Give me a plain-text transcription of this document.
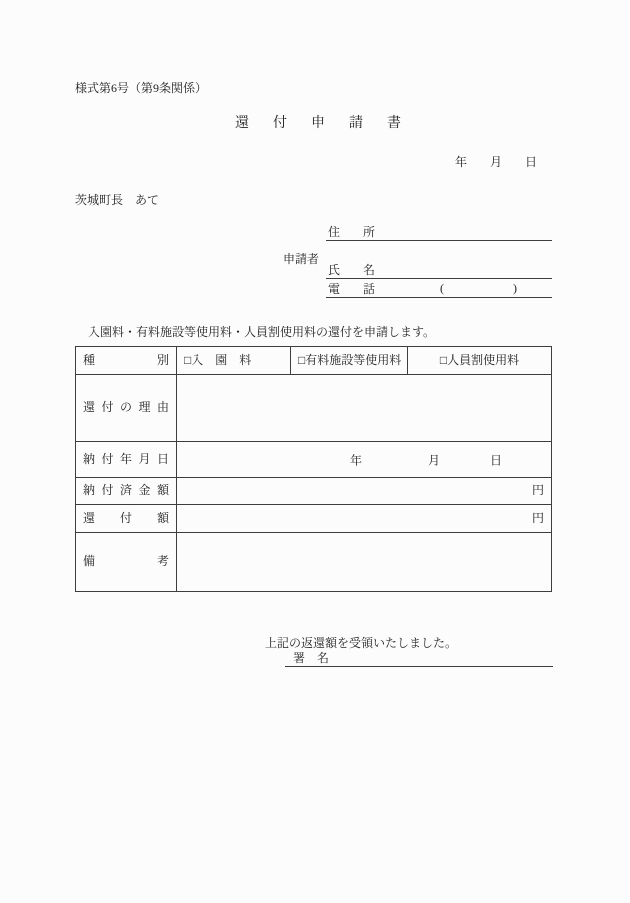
様式第6号（第9条関係）
還付申請書
年 月 日
茨城町長　あて
申請者
住所
氏名
電話	(	)
入園料・有料施設等使用料・人員割使用料の還付を申請します。
種 別	□入　園　料	□有料施設等使用料	□人員割使用料
還 付 の 理 由
納 付 年 月 日	年	月	日
納 付 済 金 額	円
還 付 額	円
備 考
上記の返還額を受領いたしました。
署　名
